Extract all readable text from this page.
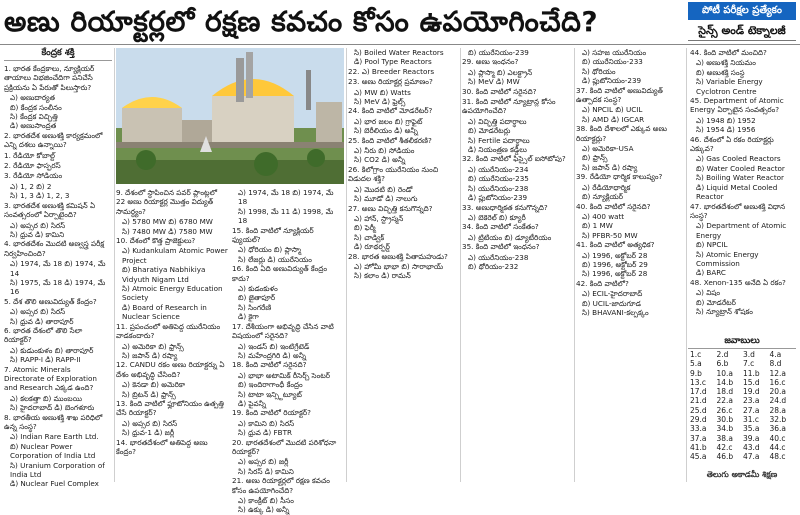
అణు రియాక్టర్లలో రక్షణ కవచం కోసం ఉపయోగించేది?	పోటీ పరీక్షల ప్రత్యేకం
సైన్స్ అండ్ టెక్నాలజీ
కేంద్రక శక్తి
1. భారత కేంద్రకాలు, న్యూక్లియర్ తాయాలు విభజించేదిగా పనిచేసే ప్రక్రియను ఏ పేరుతో పిలుస్తారు?
ఎ) అణుదార్యత
బి) కేంద్రక సంలీనం
సి) కేంద్రక విచ్ఛిత్తి
డి) అణుసాంద్రత
2. భారతదేశ అణుశక్తి కార్యక్రమంలో ఎన్ని దశలు ఉన్నాయి?
1. రేడియో కోబాల్ట్
2. రేడియో ఫాస్ఫరస్
3. రేడియో సోడియం
ఎ) 1, 2 బి) 2
సి) 1, 3 డి) 1, 2, 3
3. భారతదేశ అణుశక్తి కమిషన్ ఏ సంవత్సరంలో ఏర్పాటైంది?
ఎ) అప్సర బి) సిరస్
సి) ధ్రువ డి) కామిని
4. భారతదేశం మొదటి అణ్వస్త్ర పరీక్ష నిర్వహించింది?
ఎ) 1974, మే 18 బి) 1974, మే 14
సి) 1975, మే 18 డి) 1974, మే 16
5. దేశ తొలి అణువిద్యుత్ కేంద్రం?
ఎ) అప్సర బి) సిరస్
సి) ధ్రువ డి) తారాపూర్
6. భారత దేశంలో తొలి సేలా రియాక్టర్?
ఎ) కుడుంకుళం బి) తారాపూర్
సి) RAPP-I డి) RAPP-II
7. Atomic Minerals Directorate of Exploration and Research ఎక్కడ ఉంది?
ఎ) కలకత్తా బి) ముంబయి
సి) హైదరాబాద్ డి) బెంగళూరు
8. భారతీయ అణుశక్తి శాఖ పరిధిలో ఉన్న సంస్థ?
ఎ) Indian Rare Earth Ltd.
బి) Nuclear Power Corporation of India Ltd
సి) Uranium Corporation of India Ltd
డి) Nuclear Fuel Complex
9. దేశంలో స్థాపించిన పవర్ ప్లాంట్లలో 22 అణు రియాక్టర్ల మొత్తం విద్యుత్ సామర్థ్యం?
ఎ) 5780 MW బి) 6780 MW
సి) 7480 MW డి) 7580 MW
10. దేశంలో కొత్త ప్రాజెక్టులు?
ఎ) Kudankulam Atomic Power Project
బి) Bharatiya Nabhikiya Vidyuth Nigam Ltd
సి) Atmoic Energy Education Society
డి) Board of Research in Nuclear Science
11. ప్రపంచంలో అతిపెద్ద యురేనియం వాడకందారు?
ఎ) అమెరికా బి) ఫ్రాన్స్
సి) జపాన్ డి) రష్యా
12. CANDU రకం అణు రియాక్టర్ను ఏ దేశం అభివృద్ధి చేసింది?
ఎ) కెనడా బి) అమెరికా
సి) బ్రిటన్ డి) ఫ్రాన్స్
13. కింది వాటిలో ఫ్లూటోనియం ఉత్పత్తి చేసే రియాక్టర్?
ఎ) అప్సర బి) సిరస్
సి) ధ్రువ-1 డి) జర్లీ
14. భారతదేశంలో అతిపెద్ద అణు కేంద్రం?
ఎ) 1974, మే 18 బి) 1974, మే 18
సి) 1998, మే 11 డి) 1998, మే 18
15. కింది వాటిలో న్యూక్లియర్ ఫ్యుయల్?
ఎ) ధోరియం బి) ప్లాస్మా
సి) లేజర్లు డి) యురేనియం
16. కింది ఏది అణువిద్యుత్ కేంద్రం కాదు?
ఎ) కుడంకుళం
బి) జైతాపూర్
సి) సింగరేణి
డి) కైగా
17. దేశీయంగా అభివృద్ధి చేసిన వాటి విషయంలో సరైనది?
ఎ) ఇండస్ బి) ఇంటిగ్రేటెడ్
సి) మహేంద్రగిరి డి) అన్నీ
18. కింది వాటిలో సరైనది?
ఎ) భాభా అటామిక్ రీసెర్చ్ సెంటర్
బి) ఇందిరాగాంధీ కేంద్రం
సి) టాటా ఇన్స్టిట్యూట్
డి) పైవన్నీ
19. కింది వాటిలో రియాక్టర్?
ఎ) కామిని బి) సిరస్
సి) ధ్రువ డి) FBTR
20. భారతదేశంలో మొదటి పరిశోధనా రియాక్టర్?
ఎ) అప్సర బి) జర్లీ
సి) సిరస్ డి) కామిని
21. అణు రియాక్టర్లలో రక్షణ కవచం కోసం ఉపయోగించేది?
ఎ) కాంక్రీట్ బి) సీసం
సి) ఉక్కు డి) అన్నీ
సి) Boiled Water Reactors
డి) Pool Type Reactors
22. ఎ) Breeder Reactors
23. అణు రియాక్టర్ల ప్రమాణం?
ఎ) MW బి) Watts
సి) MeV డి) ఫ్రెల్స్
24. కింది వాటిలో మోడరేటర్?
ఎ) భార జలం బి) గ్రాఫైట్
సి) బెరీలియం డి) అన్నీ
25. కింది వాటిలో శీతలీకరణి?
ఎ) నీరు బి) సోడియం
సి) CO2 డి) అన్నీ
26. కిలోగ్రాం యురేనియం నుంచి విడుదల శక్తి?
ఎ) మొదటి బి) రెండో
సి) మూడో డి) నాలుగు
27. అణు విచ్ఛిత్తి కనుగొన్నది?
ఎ) హాన్, స్ట్రాస్మన్
బి) ఫెర్మీ
సి) చాడ్విక్
డి) రూథర్ఫర్డ్
28. భారత అణుశక్తి పితామహుడు?
ఎ) హోమీ భాభా బి) సారాభాయ్
సి) కలాం డి) రామన్
బి) యురేనియం-239
29. అణు ఇంధనం?
ఎ) ప్లాస్మా బి) ఎలక్ట్రాన్
సి) MeV డి) MW
30. కింది వాటిలో సరైనది?
31. కింది వాటిలో న్యూట్రాన్ల కోసం ఉపయోగించేది?
ఎ) విచ్ఛిత్తి పదార్థాలు
బి) మోడరేటర్లు
సి) Fertile పదార్థాలు
డి) నియంత్రణ కడ్డీలు
32. కింది వాటిలో ఫిస్సైల్ ఐసోటోపు?
ఎ) యురేనియం-234
బి) యురేనియం-235
సి) యురేనియం-238
డి) ప్లుటోనియం-239
33. అణుధార్మికత కనుగొన్నది?
ఎ) బెకెరెల్ బి) క్యూరీ
34. కింది వాటిలో సంకేతం?
ఎ) ట్రిటియం బి) డ్యూటీరియం
35. కింది వాటిలో ఇంధనం?
ఎ) యురేనియం-238
బి) థోరియం-232
ఎ) సహజ యురేనియం
బి) యురేనియం-233
సి) థోరియం
డి) ప్లుటోనియం-239
37. కింది వాటిలో అణువిద్యుత్ ఉత్పాదక సంస్థ?
ఎ) NPCIL బి) UCIL
సి) AMD డి) IGCAR
38. కింది దేశాలలో ఎక్కువ అణు రియాక్టర్లు?
ఎ) అమెరికా-USA
బి) ఫ్రాన్స్
సి) జపాన్ డి) రష్యా
39. రేడియో ధార్మిక కాలుష్యం?
ఎ) రేడియోధార్మిక
బి) న్యూక్లియర్
40. కింది వాటిలో సరైనది?
ఎ) 400 watt
బి) 1 MW
సి) PFBR-50 MW
41. కింది వాటిలో అత్యధిక?
ఎ) 1996, అక్టోబర్ 28
బి) 1996, అక్టోబర్ 29
సి) 1996, అక్టోబర్ 28
42. కింది వాటిలో?
ఎ) ECIL-హైదరాబాద్
బి) UCIL-జాదుగూడ
సి) BHAVANI-కల్పక్కం
44. కింది వాటిలో మంచిది?
ఎ) అణుశక్తి నియమం
బి) అణుశక్తి సంస్థ
సి) Variable Energy Cyclotron Centre
45. Department of Atomic Energy ఏర్పాటైన సంవత్సరం?
ఎ) 1948 బి) 1952
సి) 1954 డి) 1956
46. దేశంలో ఏ రకం రియాక్టర్లు ఎక్కువ?
ఎ) Gas Cooled Reactors
బి) Water Cooled Reactor
సి) Boiling Water Reactor
డి) Liquid Metal Cooled Reactor
47. భారతదేశంలో అణుశక్తి విధాన సంస్థ?
ఎ) Department of Atomic Energy
బి) NPCIL
సి) Atomic Energy Commission
డి) BARC
48. Xenon-135 అనేది ఏ రకం?
ఎ) విషం
బి) మోడరేటర్
సి) న్యూట్రాన్ శోషకం
జవాబులు
1.c	2.d	3.d	4.a
5.a	6.b	7.c	8.d
9.b	10.a	11.b	12.a
13.c	14.b	15.d	16.c
17.d	18.d	19.d	20.a
21.d	22.a	23.a	24.d
25.d	26.c	27.a	28.a
29.d	30.b	31.c	32.b
33.a	34.b	35.a	36.a
37.a	38.a	39.a	40.c
41.b	42.c	43.d	44.c
45.a	46.b	47.a	48.c
తెలుగు అకాడమీ శిక్షణ
